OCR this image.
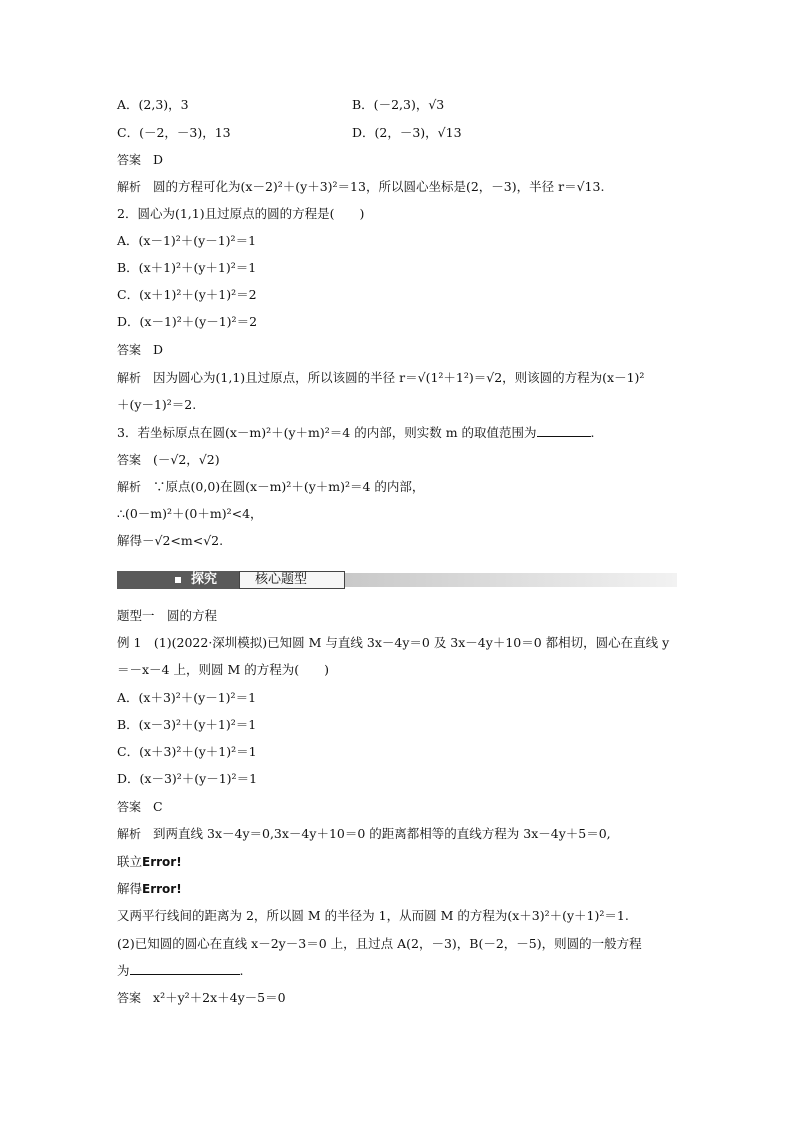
A．(2,3)，3	B．(－2,3)，√3
C．(－2，－3)，13	D．(2，－3)，√13
答案 D
解析 圆的方程可化为(x－2)²＋(y＋3)²＝13，所以圆心坐标是(2，－3)，半径 r＝√13.
2．圆心为(1,1)且过原点的圆的方程是(　　)
A．(x－1)²＋(y－1)²＝1
B．(x＋1)²＋(y＋1)²＝1
C．(x＋1)²＋(y＋1)²＝2
D．(x－1)²＋(y－1)²＝2
答案 D
解析 因为圆心为(1,1)且过原点，所以该圆的半径 r＝√(1²＋1²)＝√2，则该圆的方程为(x－1)²
＋(y－1)²＝2.
3．若坐标原点在圆(x－m)²＋(y＋m)²＝4 的内部，则实数 m 的取值范围为	.
答案 (－√2，√2)
解析 ∵原点(0,0)在圆(x－m)²＋(y＋m)²＝4 的内部，
∴(0－m)²＋(0＋m)²<4，
解得－√2<m<√2.
探究	核心题型
题型一　圆的方程
例 1　(1)(2022·深圳模拟)已知圆 M 与直线 3x－4y＝0 及 3x－4y＋10＝0 都相切，圆心在直线 y
＝－x－4 上，则圆 M 的方程为(　　)
A．(x＋3)²＋(y－1)²＝1
B．(x－3)²＋(y＋1)²＝1
C．(x＋3)²＋(y＋1)²＝1
D．(x－3)²＋(y－1)²＝1
答案 C
解析 到两直线 3x－4y＝0,3x－4y＋10＝0 的距离都相等的直线方程为 3x－4y＋5＝0,
联立Error!
解得Error!
又两平行线间的距离为 2，所以圆 M 的半径为 1，从而圆 M 的方程为(x＋3)²＋(y＋1)²＝1.
(2)已知圆的圆心在直线 x－2y－3＝0 上，且过点 A(2，－3)，B(－2，－5)，则圆的一般方程
为	.
答案 x²＋y²＋2x＋4y－5＝0
